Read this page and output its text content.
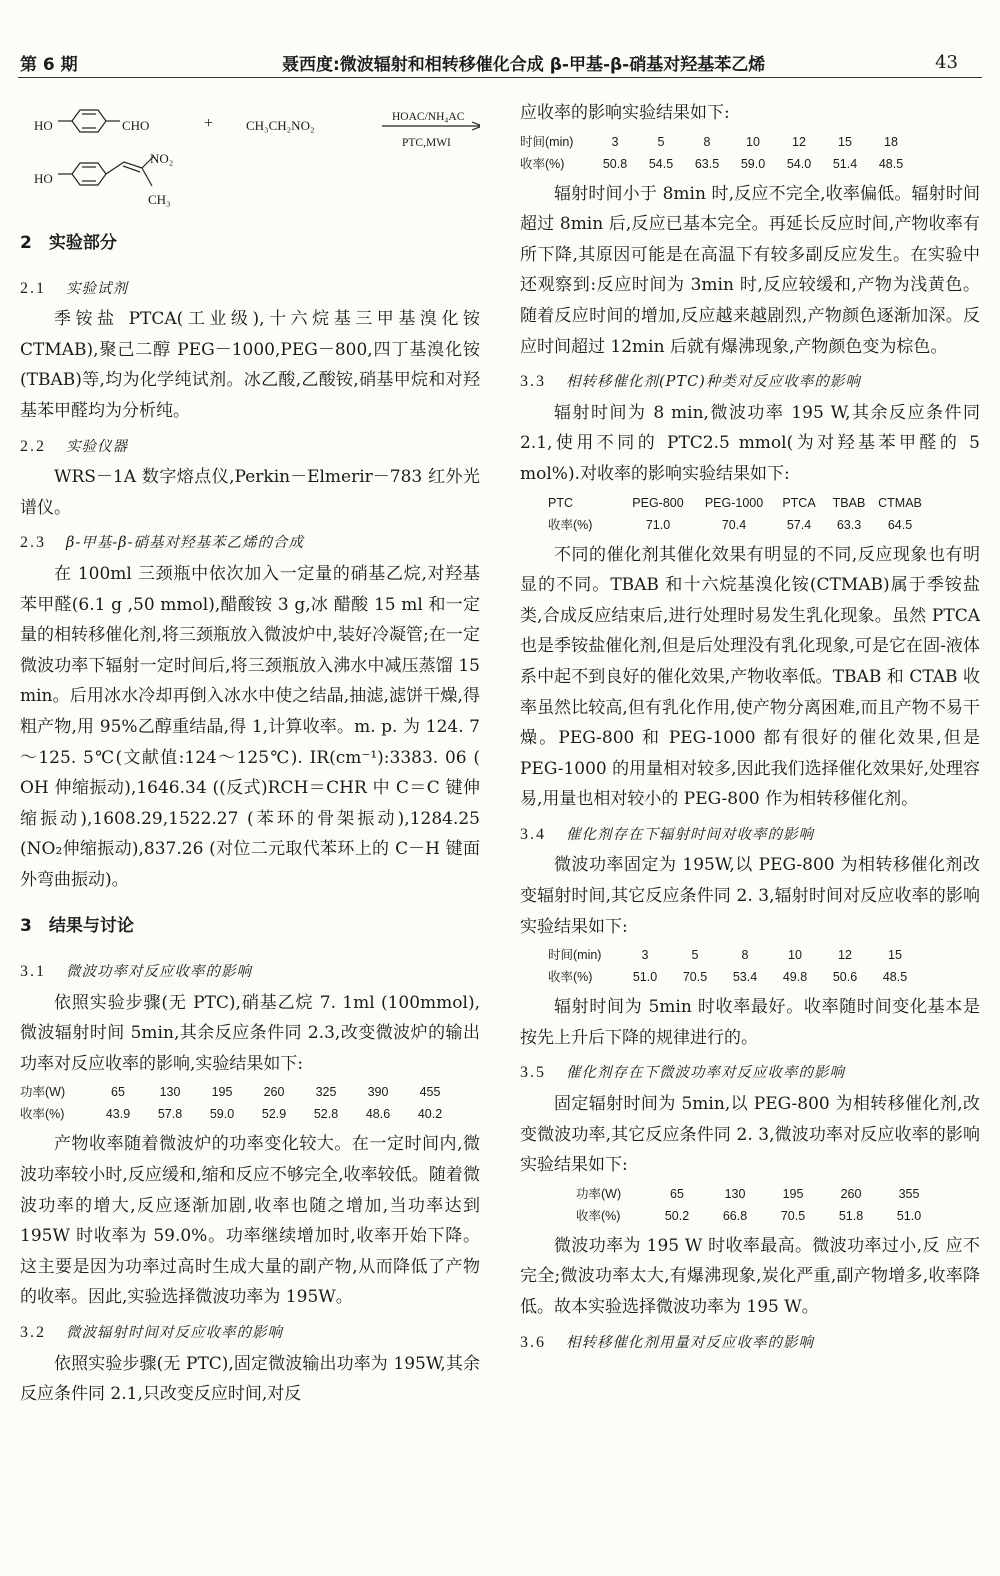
第 6 期	聂西度:微波辐射和相转移催化合成 β-甲基-β-硝基对羟基苯乙烯	43
HO	CHO	+	CH₃CH₂NO₂
HOAC/NH₄AC
PTC,MWI
HO
NO₂
CH₃
2　实验部分
2.1 实验试剂

季铵盐 PTCA(工业级),十六烷基三甲基溴化铵 CTMAB),聚己二醇 PEG－1000,PEG－800,四丁基溴化铵(TBAB)等,均为化学纯试剂。冰乙酸,乙酸铵,硝基甲烷和对羟基苯甲醛均为分析纯。

2.2 实验仪器

WRS－1A 数字熔点仪,Perkin－Elmerir－783 红外光谱仪。

2.3 β-甲基-β-硝基对羟基苯乙烯的合成

在 100ml 三颈瓶中依次加入一定量的硝基乙烷,对羟基苯甲醛(6.1 g ,50 mmol),醋酸铵 3 g,冰 醋酸 15 ml 和一定量的相转移催化剂,将三颈瓶放入微波炉中,装好冷凝管;在一定微波功率下辐射一定时间后,将三颈瓶放入沸水中减压蒸馏 15 min。后用冰水冷却再倒入冰水中使之结晶,抽滤,滤饼干燥,得粗产物,用 95%乙醇重结晶,得 1,计算收率。m. p. 为 124. 7～125. 5℃(文献值:124～125℃). IR(cm⁻¹):3383. 06 ( OH 伸缩振动),1646.34 ((反式)RCH＝CHR 中 C＝C 键伸缩振动),1608.29,1522.27 (苯环的骨架振动),1284.25 (NO₂伸缩振动),837.26 (对位二元取代苯环上的 C－H 键面外弯曲振动)。

3　结果与讨论
3.1 微波功率对反应收率的影响

依照实验步骤(无 PTC),硝基乙烷 7. 1ml (100mmol),微波辐射时间 5min,其余反应条件同 2.3,改变微波炉的输出功率对反应收率的影响,实验结果如下:

功率(W)	65	130	195	260	325	390	455
收率(%)	43.9	57.8	59.0	52.9	52.8	48.6	40.2

产物收率随着微波炉的功率变化较大。在一定时间内,微波功率较小时,反应缓和,缩和反应不够完全,收率较低。随着微波功率的增大,反应逐渐加剧,收率也随之增加,当功率达到 195W 时收率为 59.0%。功率继续增加时,收率开始下降。这主要是因为功率过高时生成大量的副产物,从而降低了产物的收率。因此,实验选择微波功率为 195W。

3.2 微波辐射时间对反应收率的影响

依照实验步骤(无 PTC),固定微波输出功率为 195W,其余反应条件同 2.1,只改变反应时间,对反

应收率的影响实验结果如下:

时间(min)	3	5	8	10	12	15	18
收率(%)	50.8	54.5	63.5	59.0	54.0	51.4	48.5

辐射时间小于 8min 时,反应不完全,收率偏低。辐射时间超过 8min 后,反应已基本完全。再延长反应时间,产物收率有所下降,其原因可能是在高温下有较多副反应发生。在实验中还观察到:反应时间为 3min 时,反应较缓和,产物为浅黄色。随着反应时间的增加,反应越来越剧烈,产物颜色逐渐加深。反应时间超过 12min 后就有爆沸现象,产物颜色变为棕色。

3.3 相转移催化剂(PTC)种类对反应收率的影响

辐射时间为 8 min,微波功率 195 W,其余反应条件同 2.1,使用不同的 PTC2.5 mmol(为对羟基苯甲醛的 5 mol%).对收率的影响实验结果如下:

PTC	PEG-800	PEG-1000	PTCA	TBAB	CTMAB
收率(%)	71.0	70.4	57.4	63.3	64.5

不同的催化剂其催化效果有明显的不同,反应现象也有明显的不同。TBAB 和十六烷基溴化铵(CTMAB)属于季铵盐类,合成反应结束后,进行处理时易发生乳化现象。虽然 PTCA 也是季铵盐催化剂,但是后处理没有乳化现象,可是它在固-液体系中起不到良好的催化效果,产物收率低。TBAB 和 CTAB 收率虽然比较高,但有乳化作用,使产物分离困难,而且产物不易干燥。PEG-800 和 PEG-1000 都有很好的催化效果,但是 PEG-1000 的用量相对较多,因此我们选择催化效果好,处理容易,用量也相对较小的 PEG-800 作为相转移催化剂。

3.4 催化剂存在下辐射时间对收率的影响

微波功率固定为 195W,以 PEG-800 为相转移催化剂改变辐射时间,其它反应条件同 2. 3,辐射时间对反应收率的影响实验结果如下:

时间(min)	3	5	8	10	12	15
收率(%)	51.0	70.5	53.4	49.8	50.6	48.5

辐射时间为 5min 时收率最好。收率随时间变化基本是按先上升后下降的规律进行的。

3.5 催化剂存在下微波功率对反应收率的影响

固定辐射时间为 5min,以 PEG-800 为相转移催化剂,改变微波功率,其它反应条件同 2. 3,微波功率对反应收率的影响实验结果如下:

功率(W)	65	130	195	260	355
收率(%)	50.2	66.8	70.5	51.8	51.0

微波功率为 195 W 时收率最高。微波功率过小,反 应不完全;微波功率太大,有爆沸现象,炭化严重,副产物增多,收率降低。故本实验选择微波功率为 195 W。

3.6 相转移催化剂用量对反应收率的影响
